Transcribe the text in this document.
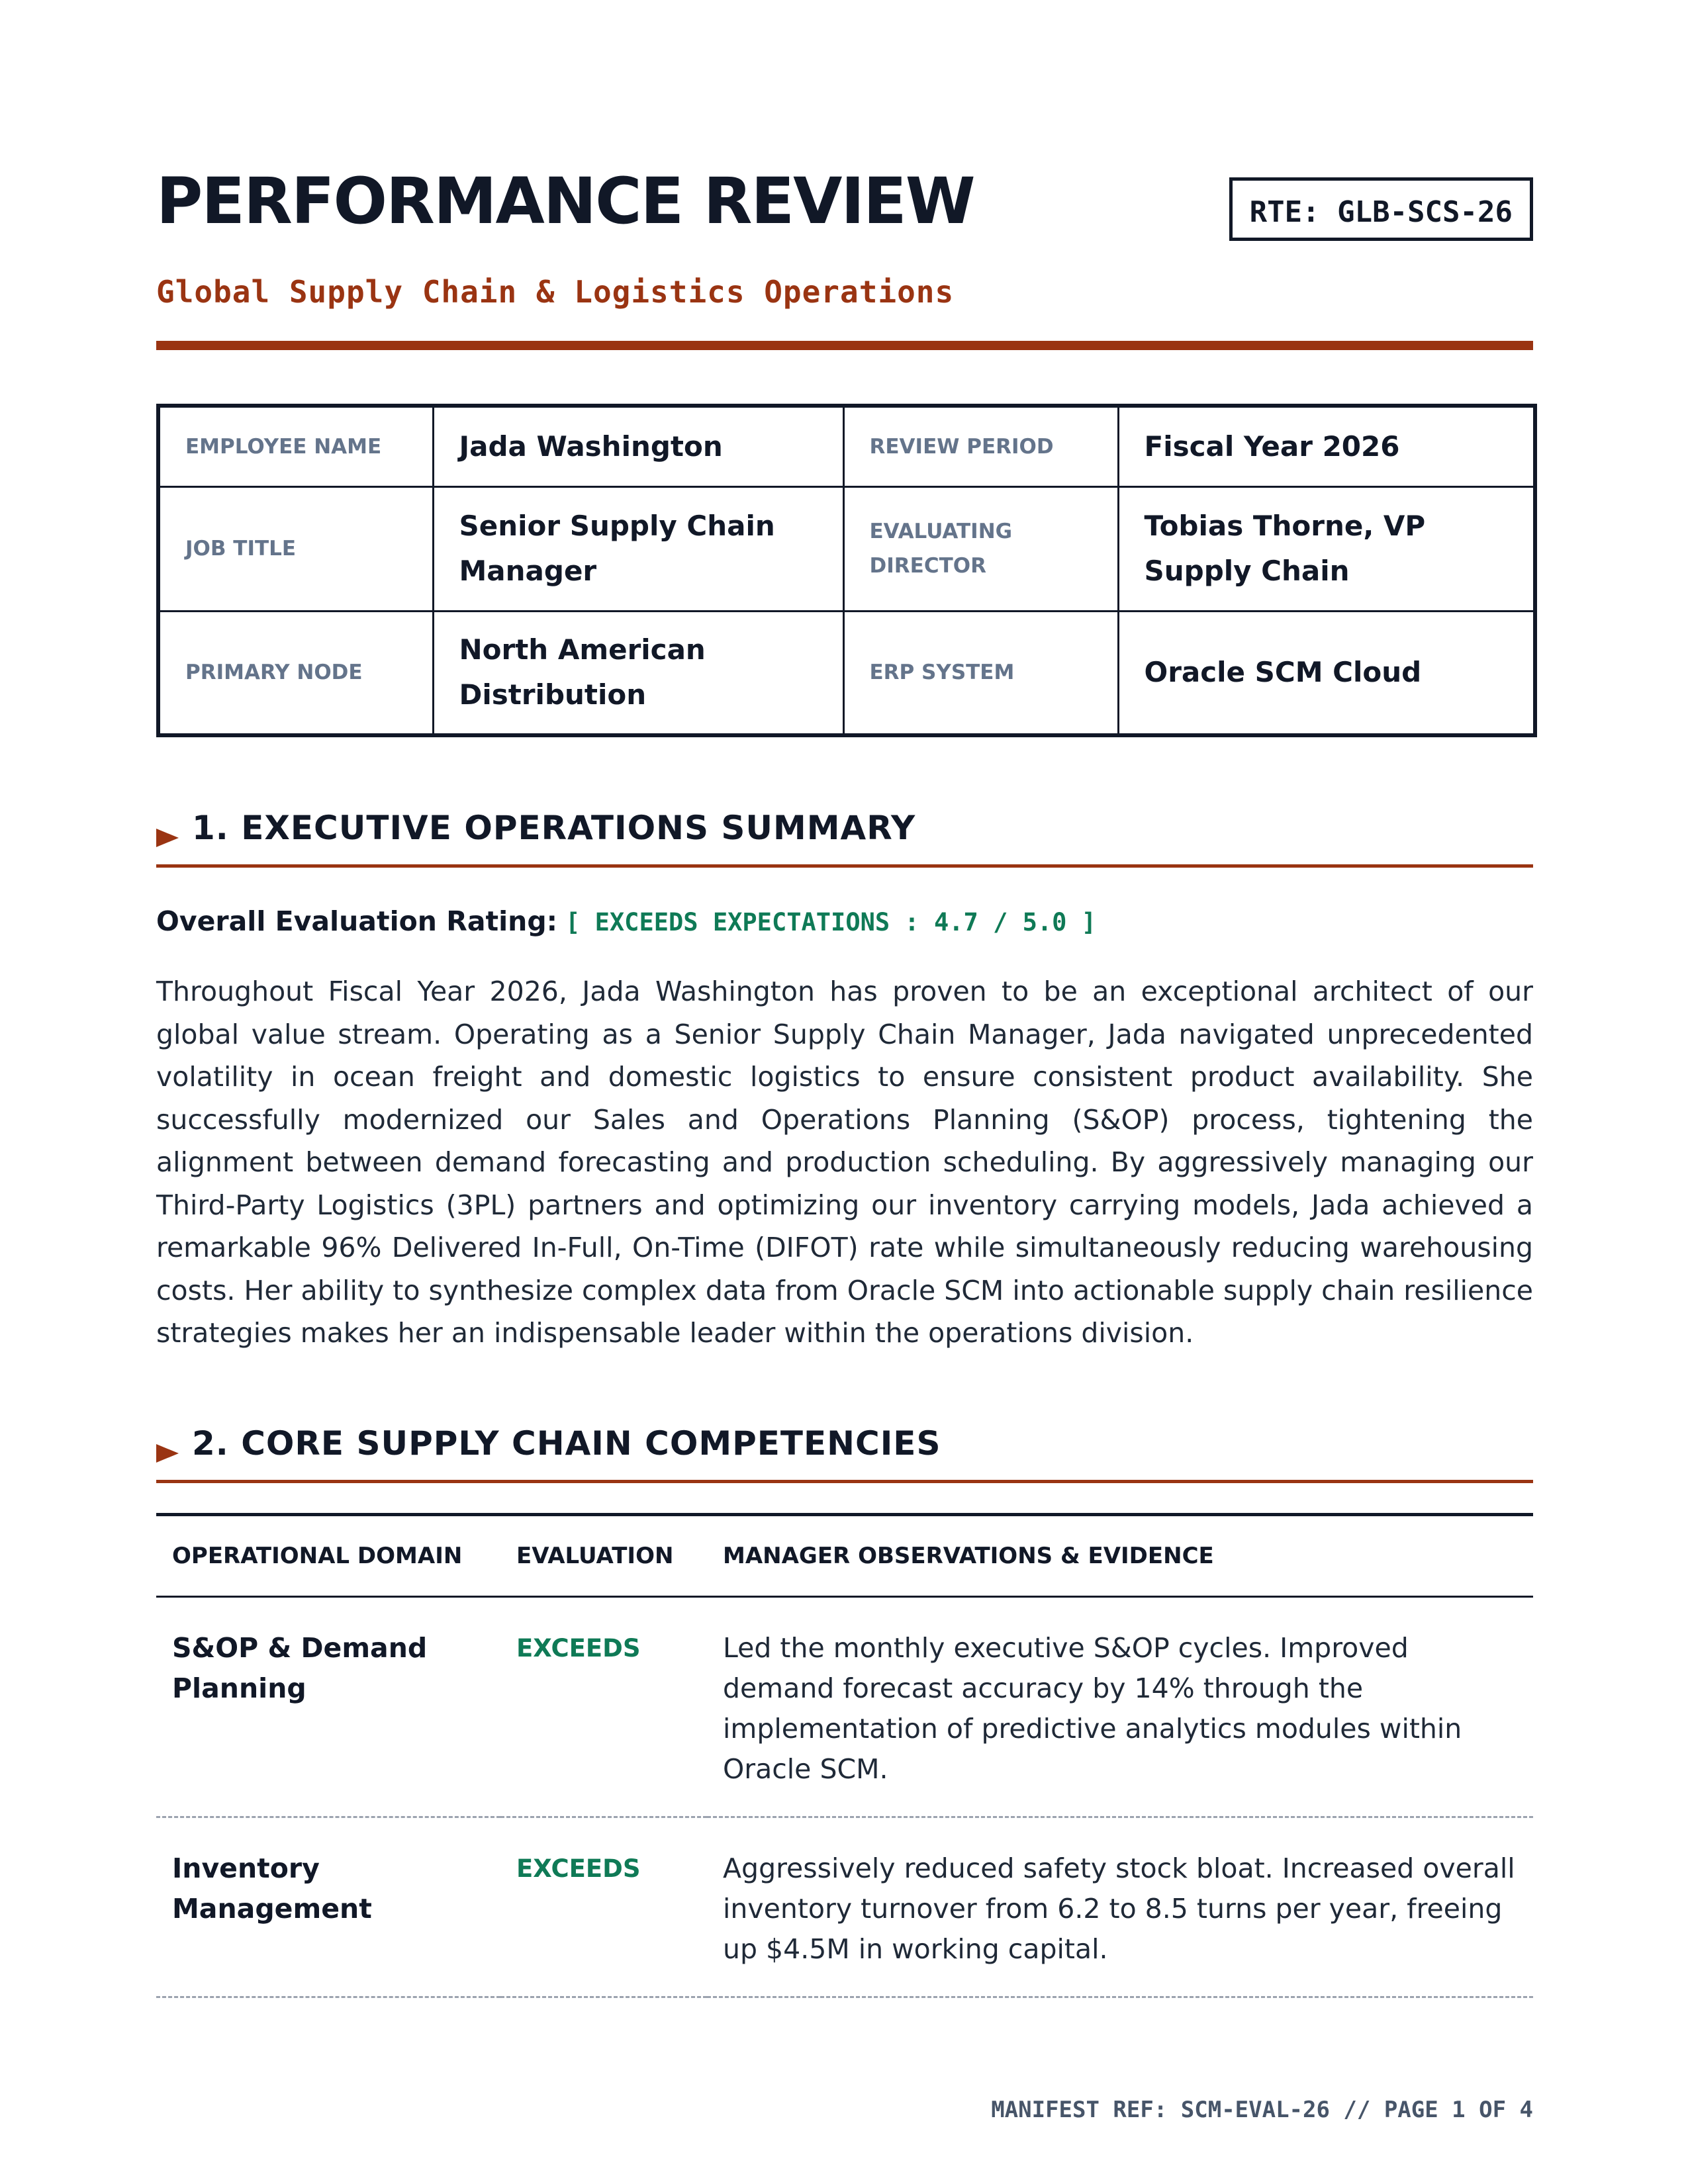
PERFORMANCE REVIEW	RTE: GLB-SCS-26
Global Supply Chain & Logistics Operations
EMPLOYEE NAME	Jada Washington	REVIEW PERIOD	Fiscal Year 2026
JOB TITLE	Senior Supply Chain Manager	EVALUATING DIRECTOR	Tobias Thorne, VP Supply Chain
PRIMARY NODE	North American Distribution	ERP SYSTEM	Oracle SCM Cloud
1. EXECUTIVE OPERATIONS SUMMARY
Overall Evaluation Rating: [ EXCEEDS EXPECTATIONS : 4.7 / 5.0 ]

Throughout Fiscal Year 2026, Jada Washington has proven to be an exceptional architect of our global value stream. Operating as a Senior Supply Chain Manager, Jada navigated unprecedented volatility in ocean freight and domestic logistics to ensure consistent product availability. She successfully modernized our Sales and Operations Planning (S&OP) process, tightening the alignment between demand forecasting and production scheduling. By aggressively managing our Third-Party Logistics (3PL) partners and optimizing our inventory carrying models, Jada achieved a remarkable 96% Delivered In-Full, On-Time (DIFOT) rate while simultaneously reducing warehousing costs. Her ability to synthesize complex data from Oracle SCM into actionable supply chain resilience strategies makes her an indispensable leader within the operations division.

2. CORE SUPPLY CHAIN COMPETENCIES
OPERATIONAL DOMAIN	EVALUATION	MANAGER OBSERVATIONS & EVIDENCE
S&OP & Demand Planning	EXCEEDS	Led the monthly executive S&OP cycles. Improved demand forecast accuracy by 14% through the implementation of predictive analytics modules within Oracle SCM.
Inventory Management	EXCEEDS	Aggressively reduced safety stock bloat. Increased overall inventory turnover from 6.2 to 8.5 turns per year, freeing up $4.5M in working capital.
MANIFEST REF: SCM-EVAL-26 // PAGE 1 OF 4
